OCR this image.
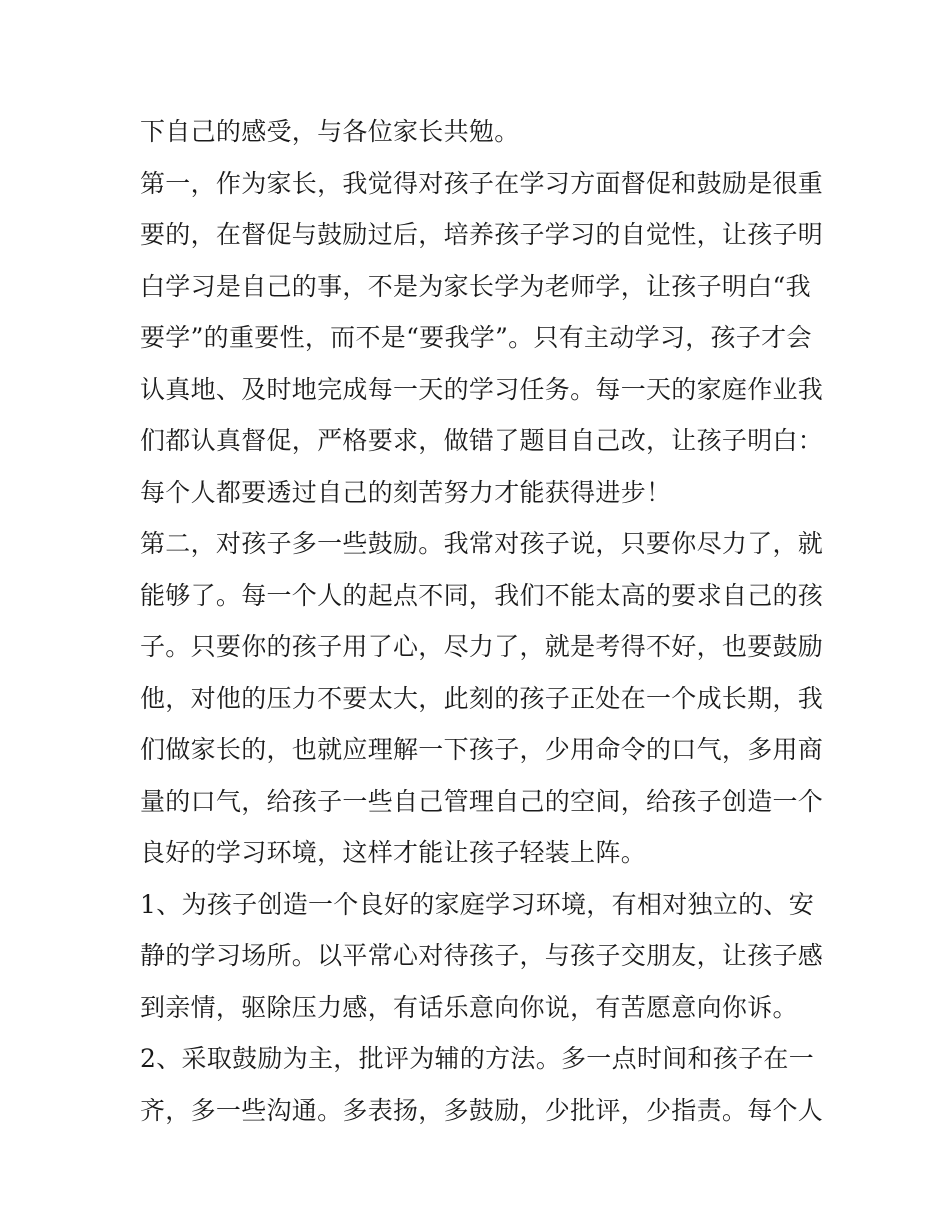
下自己的感受，与各位家长共勉。
第一，作为家长，我觉得对孩子在学习方面督促和鼓励是很重
要的，在督促与鼓励过后，培养孩子学习的自觉性，让孩子明
白学习是自己的事，不是为家长学为老师学，让孩子明白“我
要学”的重要性，而不是“要我学”。只有主动学习，孩子才会
认真地、及时地完成每一天的学习任务。每一天的家庭作业我
们都认真督促，严格要求，做错了题目自己改，让孩子明白：
每个人都要透过自己的刻苦努力才能获得进步！
第二，对孩子多一些鼓励。我常对孩子说，只要你尽力了，就
能够了。每一个人的起点不同，我们不能太高的要求自己的孩
子。只要你的孩子用了心，尽力了，就是考得不好，也要鼓励
他，对他的压力不要太大，此刻的孩子正处在一个成长期，我
们做家长的，也就应理解一下孩子，少用命令的口气，多用商
量的口气，给孩子一些自己管理自己的空间，给孩子创造一个
良好的学习环境，这样才能让孩子轻装上阵。
1、为孩子创造一个良好的家庭学习环境，有相对独立的、安
静的学习场所。以平常心对待孩子，与孩子交朋友，让孩子感
到亲情，驱除压力感，有话乐意向你说，有苦愿意向你诉。
2、采取鼓励为主，批评为辅的方法。多一点时间和孩子在一
齐，多一些沟通。多表扬，多鼓励，少批评，少指责。每个人
